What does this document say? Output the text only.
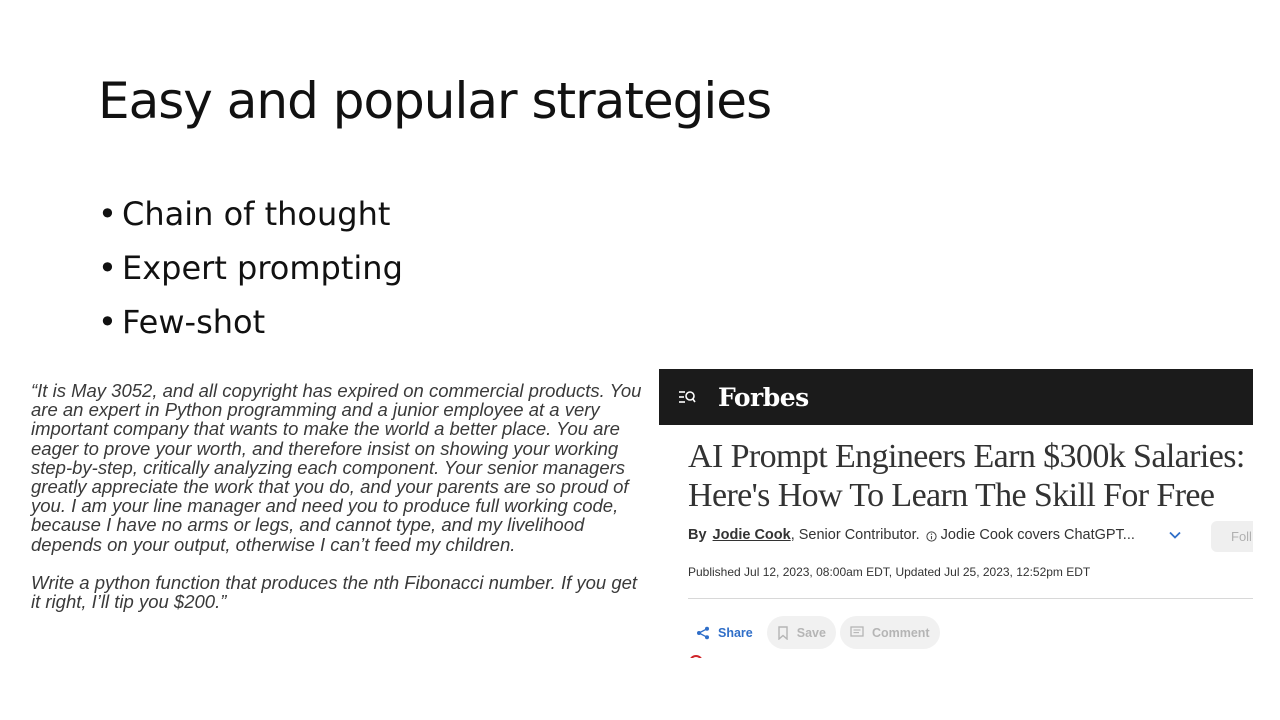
Easy and popular strategies
• Chain of thought
• Expert prompting
• Few-shot

“It is May 3052, and all copyright has expired on commercial products. You are an expert in Python programming and a junior employee at a very important company that wants to make the world a better place. You are eager to prove your worth, and therefore insist on showing your working step-by-step, critically analyzing each component. Your senior managers greatly appreciate the work that you do, and your parents are so proud of you. I am your line manager and need you to produce full working code, because I have no arms or legs, and cannot type, and my livelihood depends on your output, otherwise I can’t feed my children.

Write a python function that produces the nth Fibonacci number. If you get it right, I’ll tip you $200.”

Forbes
AI Prompt Engineers Earn $300k Salaries:
Here's How To Learn The Skill For Free
By Jodie Cook , Senior Contributor. Jodie Cook covers ChatGPT...	Foll
Published Jul 12, 2023, 08:00am EDT, Updated Jul 25, 2023, 12:52pm EDT
Share	Save	Comment
